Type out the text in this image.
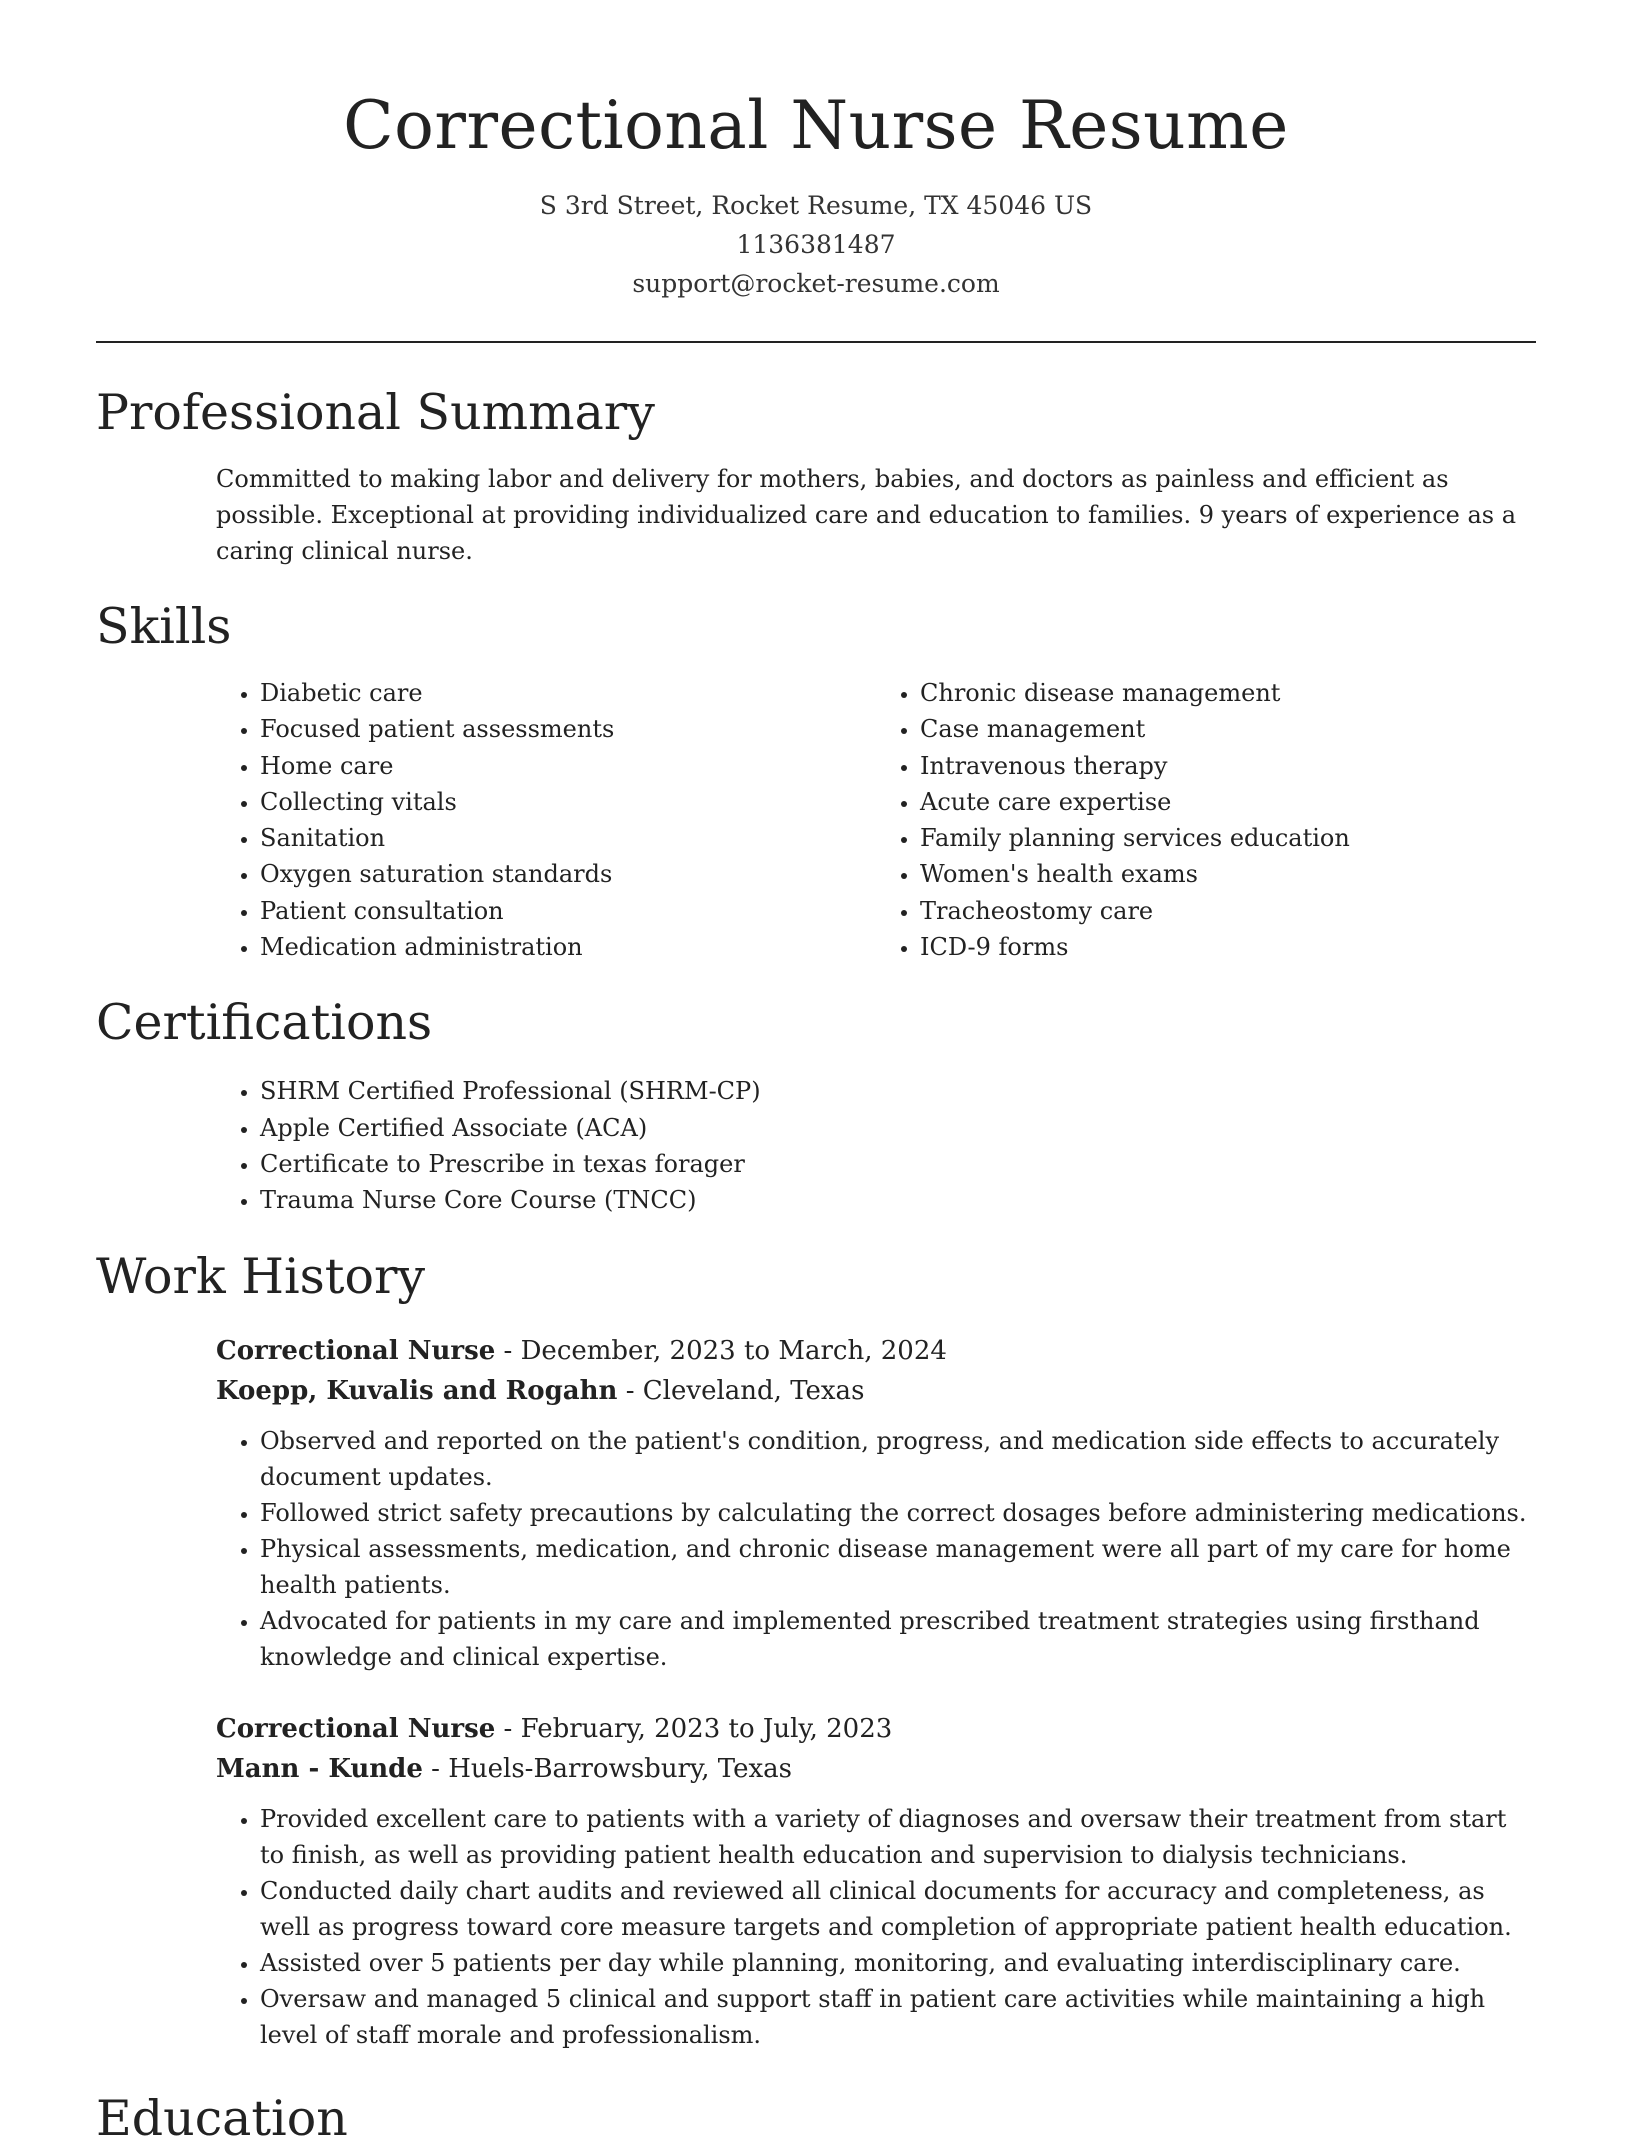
Correctional Nurse Resume
S 3rd Street, Rocket Resume, TX 45046 US
1136381487
support@rocket-resume.com
Professional Summary

Committed to making labor and delivery for mothers, babies, and doctors as painless and efficient as possible. Exceptional at providing individualized care and education to families. 9 years of experience as a caring clinical nurse.

Skills
• Diabetic care
• Focused patient assessments
• Home care
• Collecting vitals
• Sanitation
• Oxygen saturation standards
• Patient consultation
• Medication administration
• Chronic disease management
• Case management
• Intravenous therapy
• Acute care expertise
• Family planning services education
• Women's health exams
• Tracheostomy care
• ICD-9 forms
Certifications
• SHRM Certified Professional (SHRM-CP)
• Apple Certified Associate (ACA)
• Certificate to Prescribe in texas forager
• Trauma Nurse Core Course (TNCC)
Work History
Correctional Nurse - December, 2023 to March, 2024
Koepp, Kuvalis and Rogahn - Cleveland, Texas
• Observed and reported on the patient's condition, progress, and medication side effects to accurately document updates.
• Followed strict safety precautions by calculating the correct dosages before administering medications.
• Physical assessments, medication, and chronic disease management were all part of my care for home health patients.
• Advocated for patients in my care and implemented prescribed treatment strategies using firsthand knowledge and clinical expertise.
Correctional Nurse - February, 2023 to July, 2023
Mann - Kunde - Huels-Barrowsbury, Texas
• Provided excellent care to patients with a variety of diagnoses and oversaw their treatment from start to finish, as well as providing patient health education and supervision to dialysis technicians.
• Conducted daily chart audits and reviewed all clinical documents for accuracy and completeness, as well as progress toward core measure targets and completion of appropriate patient health education.
• Assisted over 5 patients per day while planning, monitoring, and evaluating interdisciplinary care.
• Oversaw and managed 5 clinical and support staff in patient care activities while maintaining a high level of staff morale and professionalism.
Education
